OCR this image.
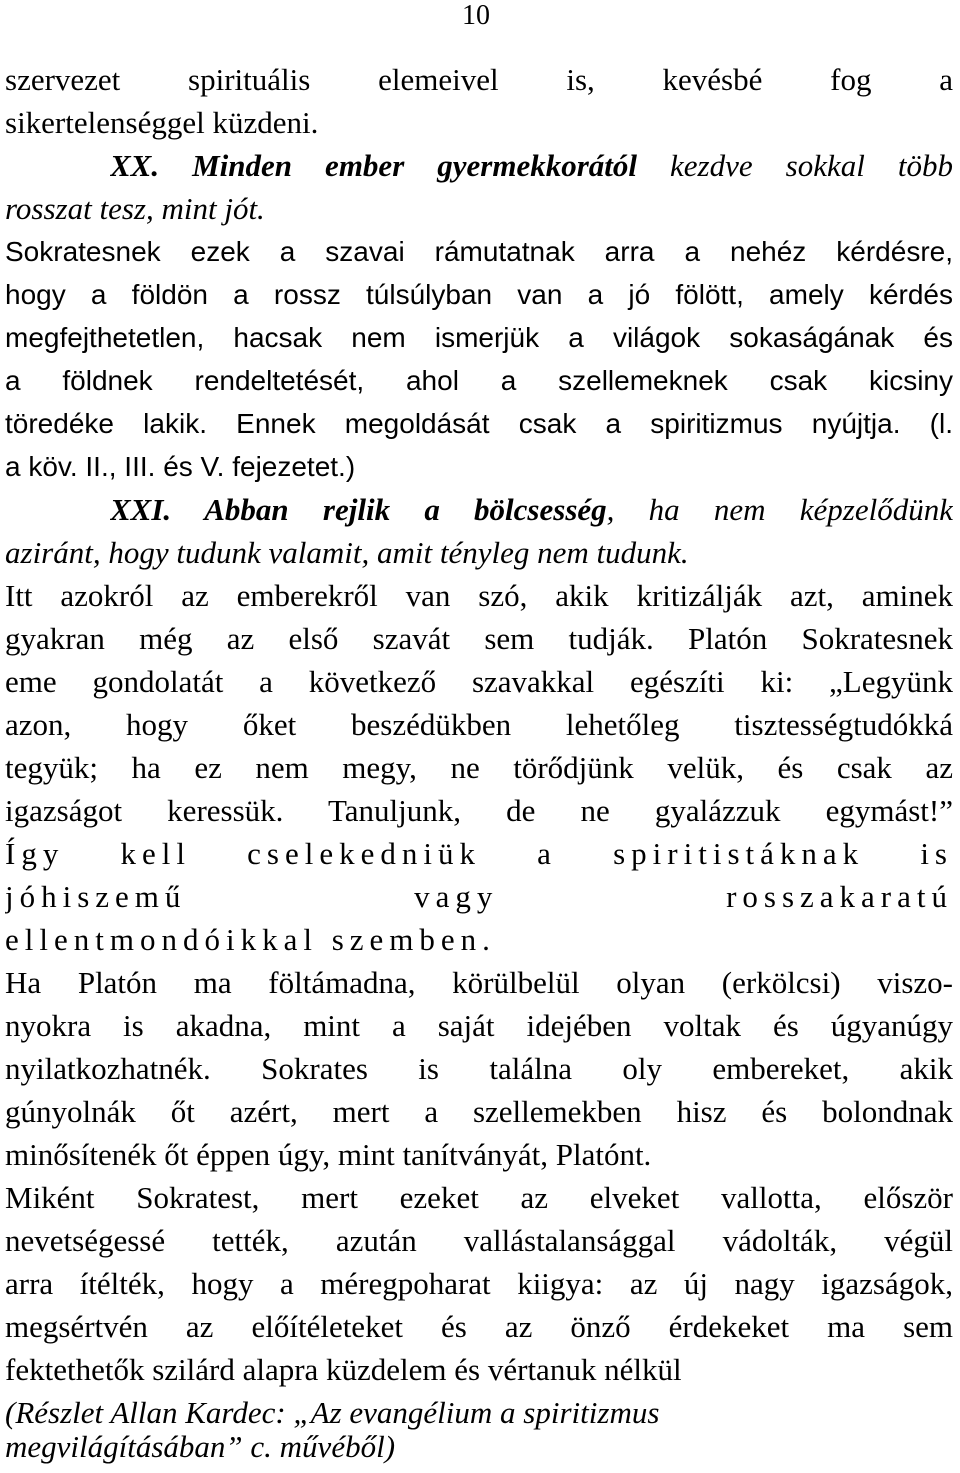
10
szervezet spirituális elemeivel is, kevésbé fog a
sikertelenséggel küzdeni.
XX. Minden ember gyermekkorától kezdve sokkal több
rosszat tesz, mint jót.
Sokratesnek ezek a szavai rámutatnak arra a nehéz kérdésre,
hogy a földön a rossz túlsúlyban van a jó fölött, amely kérdés
megfejthetetlen, hacsak nem ismerjük a világok sokaságának és
a földnek rendeltetését, ahol a szellemeknek csak kicsiny
töredéke lakik. Ennek megoldását csak a spiritizmus nyújtja. (l.
a köv. II., III. és V. fejezetet.)
XXI. Abban rejlik a bölcsesség, ha nem képzelődünk
aziránt, hogy tudunk valamit, amit tényleg nem tudunk.
Itt azokról az emberekről van szó, akik kritizálják azt, aminek
gyakran még az első szavát sem tudják. Platón Sokratesnek
eme gondolatát a következő szavakkal egészíti ki: „Legyünk
azon, hogy őket beszédükben lehetőleg tisztességtudókká
tegyük; ha ez nem megy, ne törődjünk velük, és csak az
igazságot keressük. Tanuljunk, de ne gyalázzuk egymást!”
Így kell cselekedniük a spiritistáknak is
jóhiszemű vagy rosszakaratú
ellentmondóikkal szemben.
Ha Platón ma föltámadna, körülbelül olyan (erkölcsi) viszo-
nyokra is akadna, mint a saját idejében voltak és úgyanúgy
nyilatkozhatnék. Sokrates is találna oly embereket, akik
gúnyolnák őt azért, mert a szellemekben hisz és bolondnak
minősítenék őt éppen úgy, mint tanítványát, Platónt.
Miként Sokratest, mert ezeket az elveket vallotta, először
nevetségessé tették, azután vallástalansággal vádolták, végül
arra ítélték, hogy a méregpoharat kiigya: az új nagy igazságok,
megsértvén az előítéleteket és az önző érdekeket ma sem
fektethetők szilárd alapra küzdelem és vértanuk nélkül
(Részlet Allan Kardec: „Az evangélium a spiritizmus
megvilágításában” c. művéből)
